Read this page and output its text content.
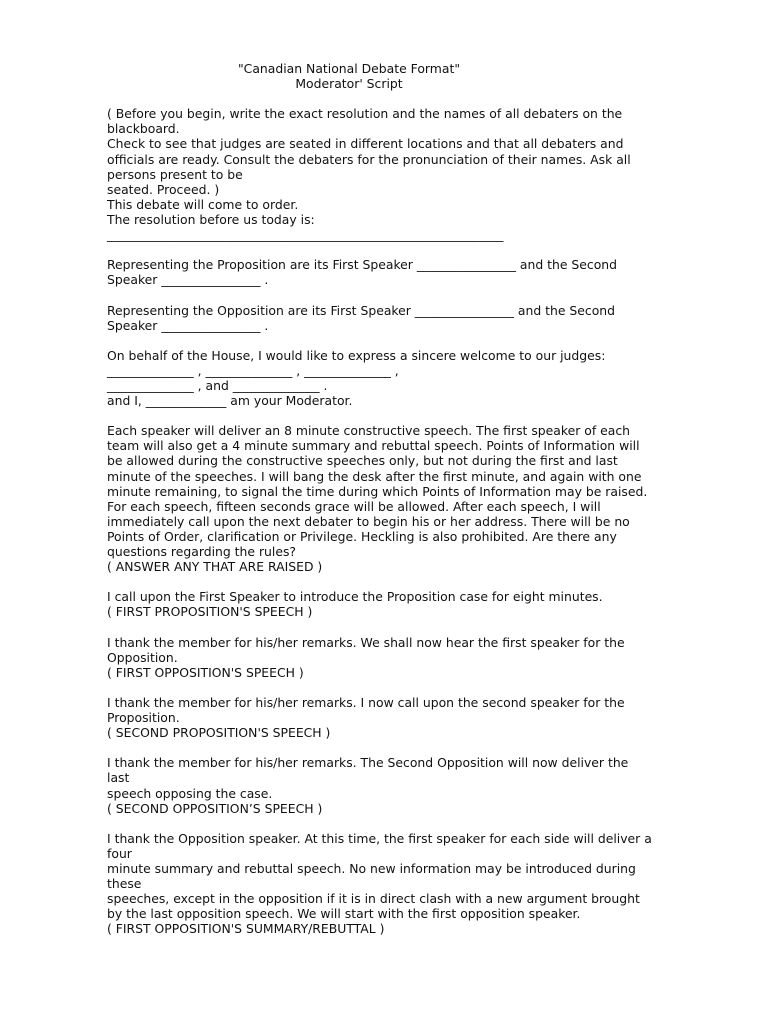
"Canadian National Debate Format"
Moderator' Script
( Before you begin, write the exact resolution and the names of all debaters on the
blackboard.
Check to see that judges are seated in different locations and that all debaters and
officials are ready. Consult the debaters for the pronunciation of their names. Ask all
persons present to be
seated. Proceed. )
This debate will come to order.
The resolution before us today is:
________________________________________________________________
Representing the Proposition are its First Speaker ________________ and the Second
Speaker ________________ .
Representing the Opposition are its First Speaker ________________ and the Second
Speaker ________________ .
On behalf of the House, I would like to express a sincere welcome to our judges:
______________ , ______________ , ______________ ,
______________ , and ______________ .
and I, _____________ am your Moderator.
Each speaker will deliver an 8 minute constructive speech. The first speaker of each
team will also get a 4 minute summary and rebuttal speech. Points of Information will
be allowed during the constructive speeches only, but not during the first and last
minute of the speeches. I will bang the desk after the first minute, and again with one
minute remaining, to signal the time during which Points of Information may be raised.
For each speech, fifteen seconds grace will be allowed. After each speech, I will
immediately call upon the next debater to begin his or her address. There will be no
Points of Order, clarification or Privilege. Heckling is also prohibited. Are there any
questions regarding the rules?
( ANSWER ANY THAT ARE RAISED )
I call upon the First Speaker to introduce the Proposition case for eight minutes.
( FIRST PROPOSITION'S SPEECH )
I thank the member for his/her remarks. We shall now hear the first speaker for the
Opposition.
( FIRST OPPOSITION'S SPEECH )
I thank the member for his/her remarks. I now call upon the second speaker for the
Proposition.
( SECOND PROPOSITION'S SPEECH )
I thank the member for his/her remarks. The Second Opposition will now deliver the
last
speech opposing the case.
( SECOND OPPOSITION’S SPEECH )
I thank the Opposition speaker. At this time, the first speaker for each side will deliver a
four
minute summary and rebuttal speech. No new information may be introduced during
these
speeches, except in the opposition if it is in direct clash with a new argument brought
by the last opposition speech. We will start with the first opposition speaker.
( FIRST OPPOSITION'S SUMMARY/REBUTTAL )
